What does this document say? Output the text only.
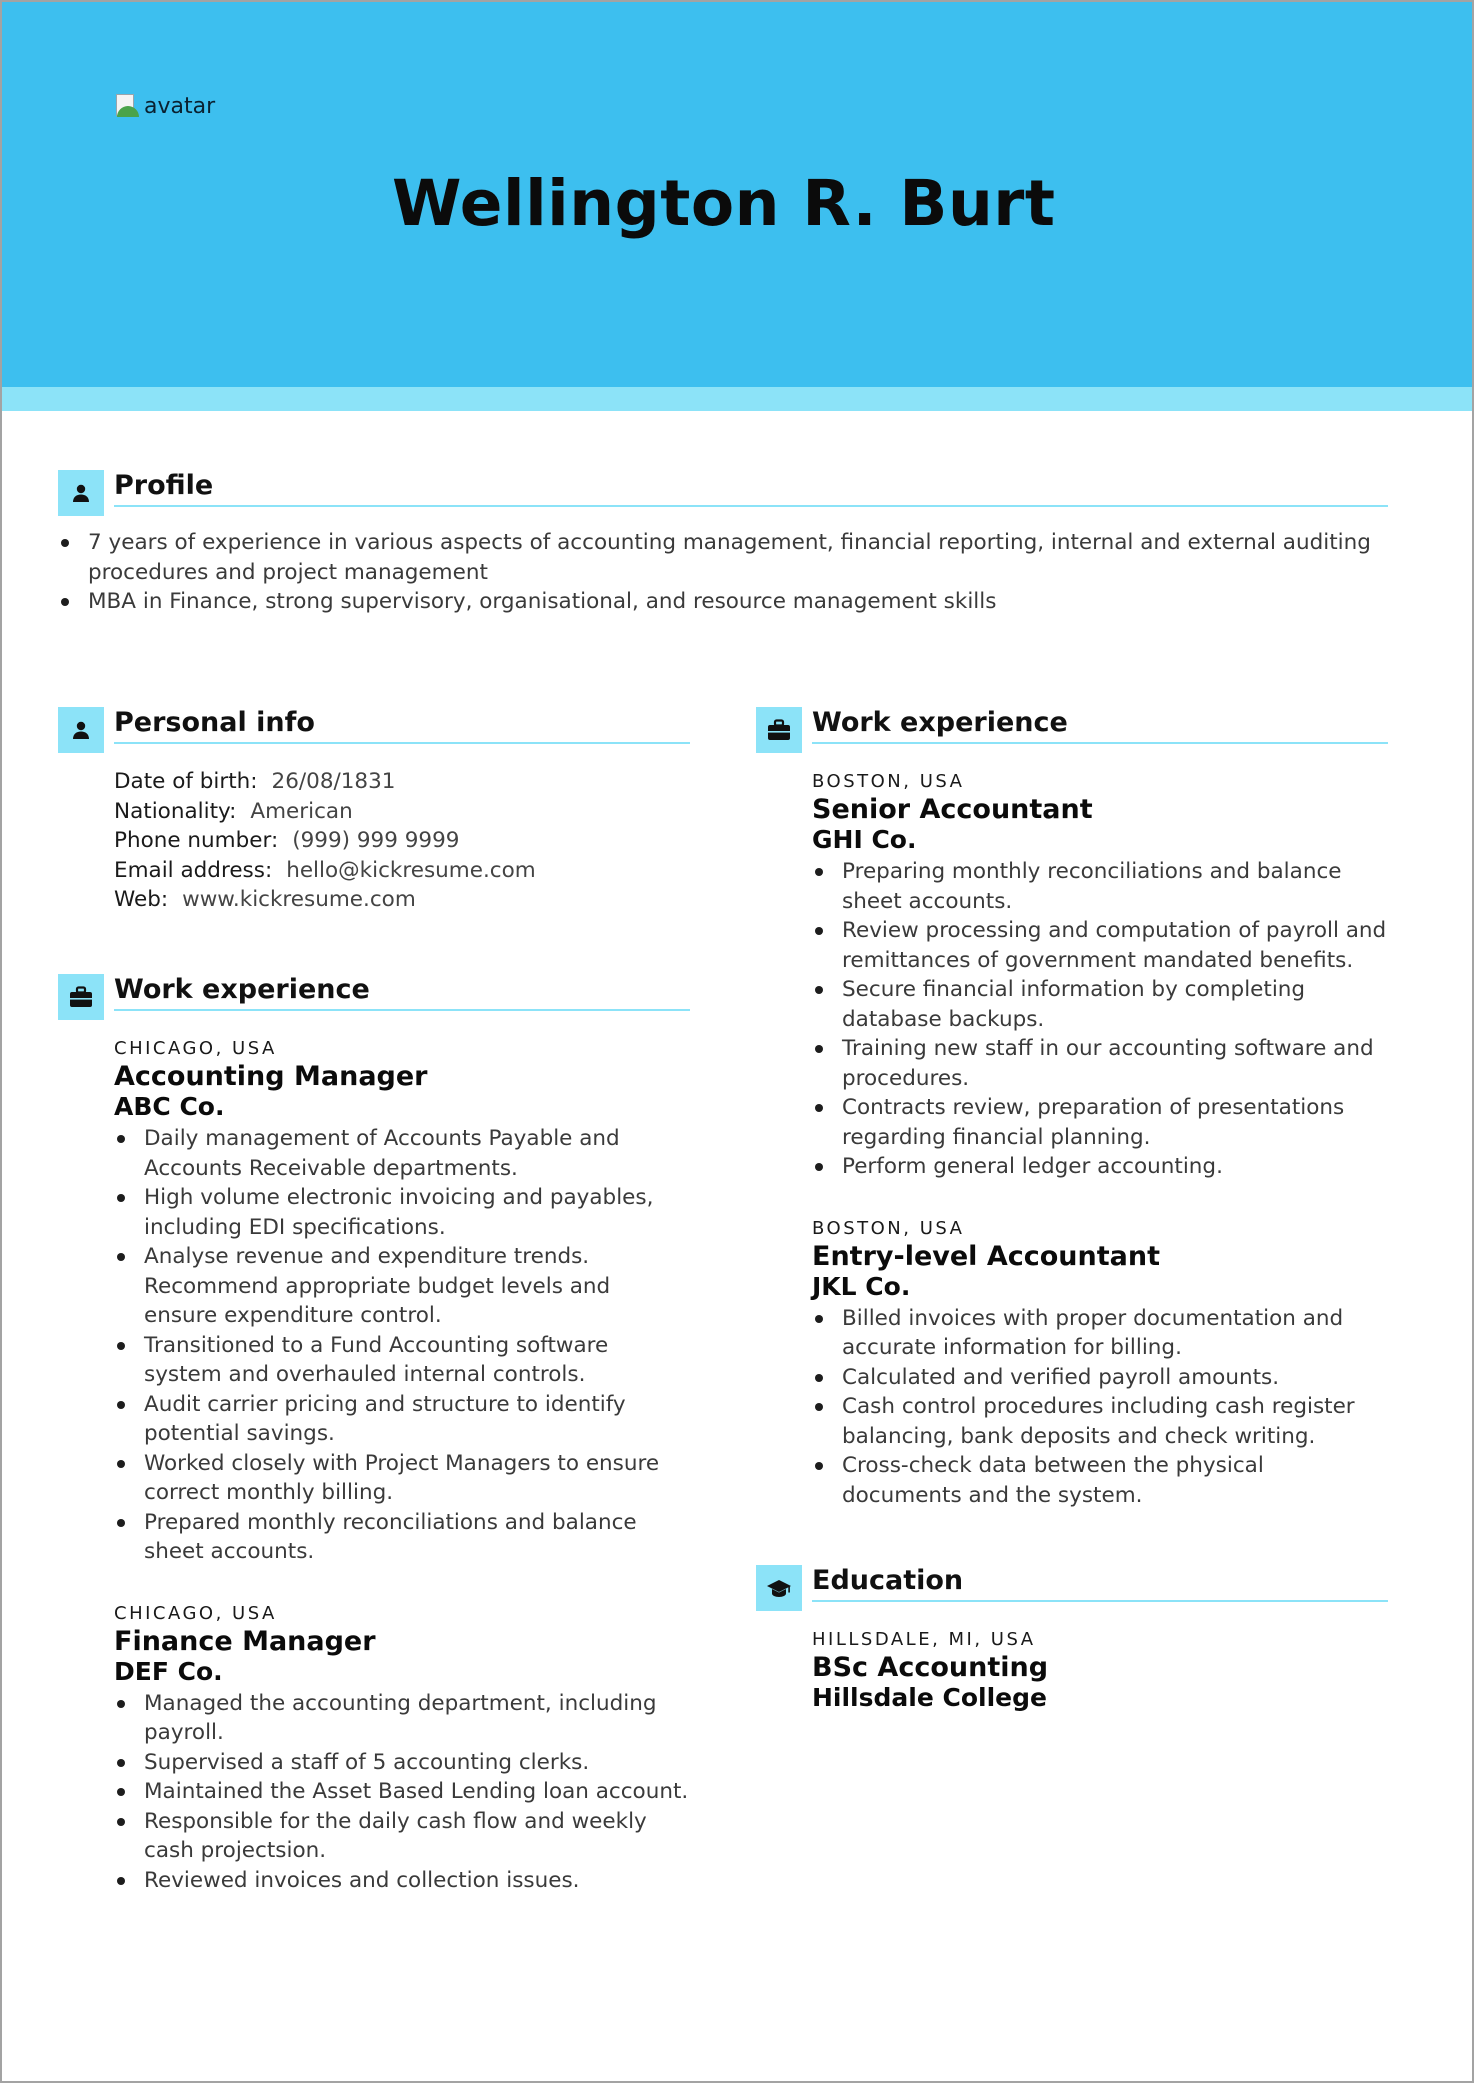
avatar
Wellington R. Burt
Profile
7 years of experience in various aspects of accounting management, financial reporting, internal and external auditing procedures and project management
MBA in Finance, strong supervisory, organisational, and resource management skills
Personal info
Date of birth: 26/08/1831
Nationality: American
Phone number: (999) 999 9999
Email address: hello@kickresume.com
Web: www.kickresume.com
Work experience
CHICAGO, USA
Accounting Manager
ABC Co.
Daily management of Accounts Payable and Accounts Receivable departments.
High volume electronic invoicing and payables, including EDI specifications.
Analyse revenue and expenditure trends. Recommend appropriate budget levels and ensure expenditure control.
Transitioned to a Fund Accounting software system and overhauled internal controls.
Audit carrier pricing and structure to identify potential savings.
Worked closely with Project Managers to ensure correct monthly billing.
Prepared monthly reconciliations and balance sheet accounts.
CHICAGO, USA
Finance Manager
DEF Co.
Managed the accounting department, including payroll.
Supervised a staff of 5 accounting clerks.
Maintained the Asset Based Lending loan account.
Responsible for the daily cash flow and weekly cash projectsion.
Reviewed invoices and collection issues.
Work experience
BOSTON, USA
Senior Accountant
GHI Co.
Preparing monthly reconciliations and balance sheet accounts.
Review processing and computation of payroll and remittances of government mandated benefits.
Secure financial information by completing database backups.
Training new staff in our accounting software and procedures.
Contracts review, preparation of presentations regarding financial planning.
Perform general ledger accounting.
BOSTON, USA
Entry-level Accountant
JKL Co.
Billed invoices with proper documentation and accurate information for billing.
Calculated and verified payroll amounts.
Cash control procedures including cash register balancing, bank deposits and check writing.
Cross-check data between the physical documents and the system.
Education
HILLSDALE, MI, USA
BSc Accounting
Hillsdale College
